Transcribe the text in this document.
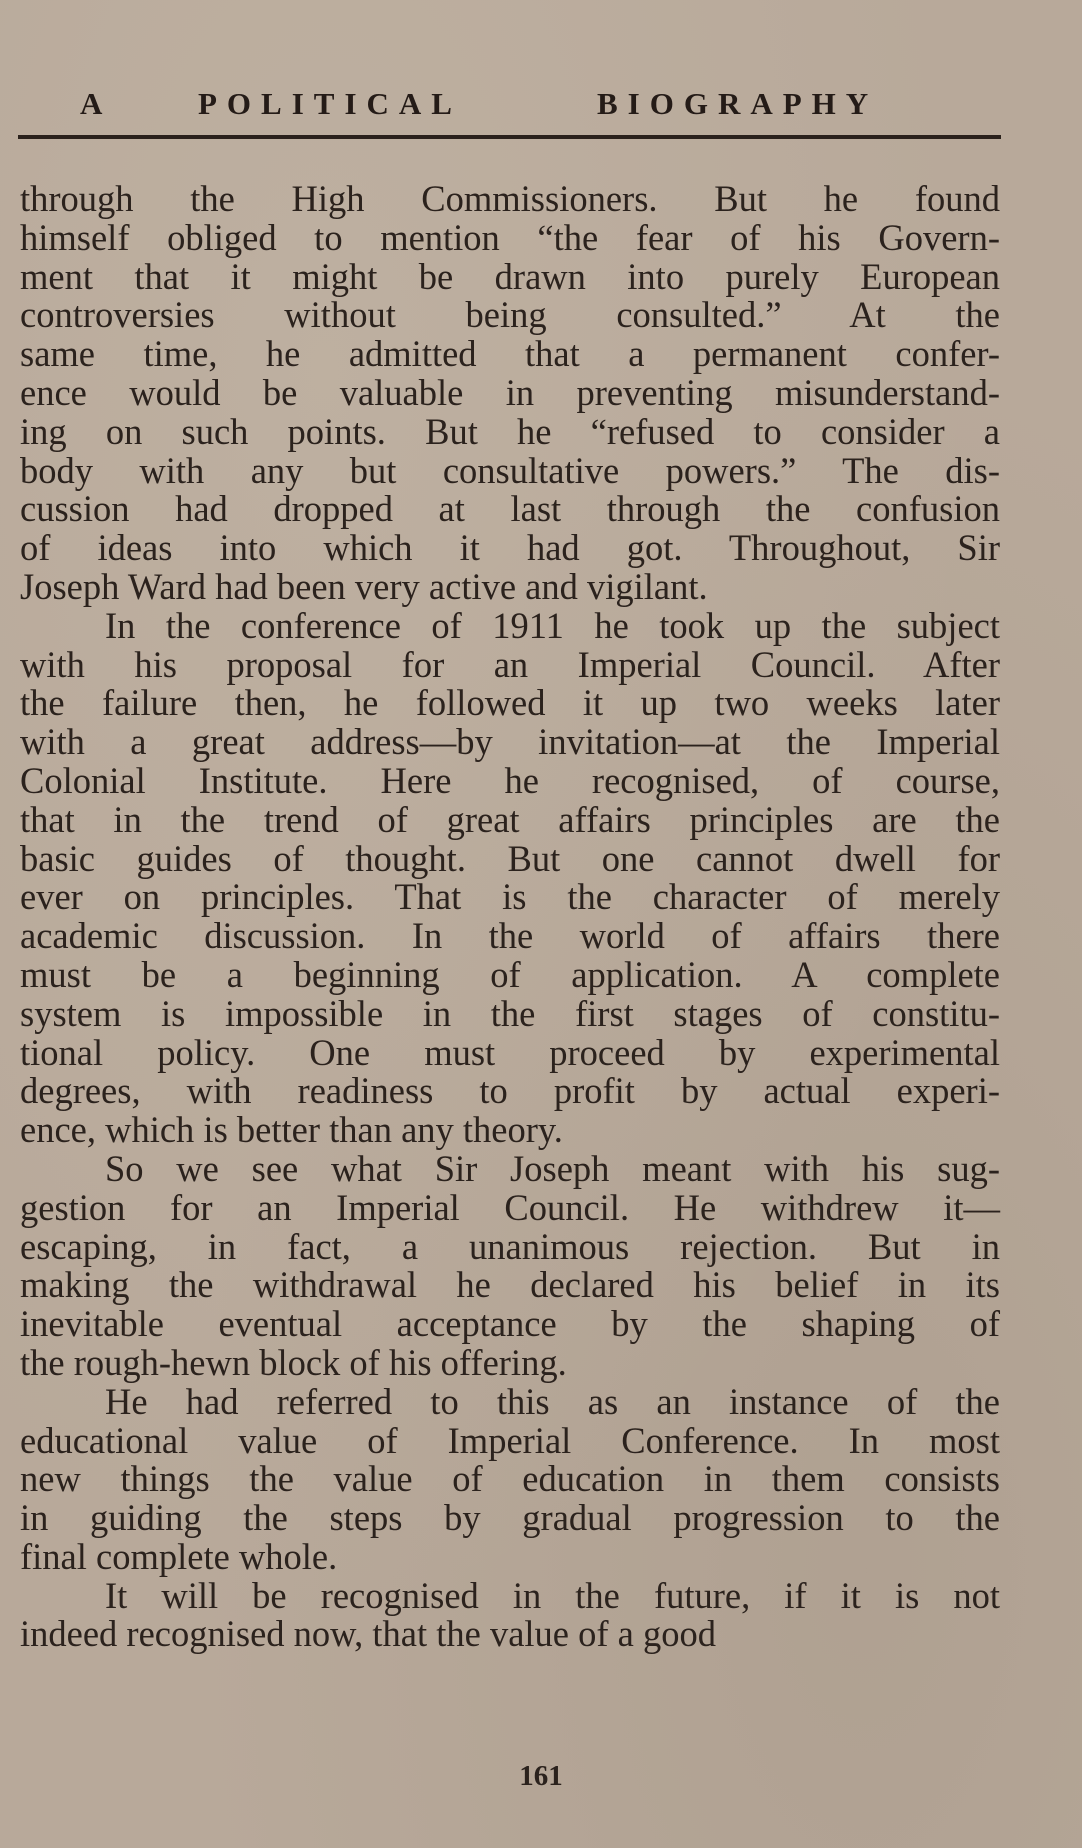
A	POLITICAL	BIOGRAPHY
through the High Commissioners. But he found
himself obliged to mention “the fear of his Govern-
ment that it might be drawn into purely European
controversies without being consulted.” At the
same time, he admitted that a permanent confer-
ence would be valuable in preventing misunderstand-
ing on such points. But he “refused to consider a
body with any but consultative powers.” The dis-
cussion had dropped at last through the confusion
of ideas into which it had got. Throughout, Sir
Joseph Ward had been very active and vigilant.
In the conference of 1911 he took up the subject
with his proposal for an Imperial Council. After
the failure then, he followed it up two weeks later
with a great address—by invitation—at the Imperial
Colonial Institute. Here he recognised, of course,
that in the trend of great affairs principles are the
basic guides of thought. But one cannot dwell for
ever on principles. That is the character of merely
academic discussion. In the world of affairs there
must be a beginning of application. A complete
system is impossible in the first stages of constitu-
tional policy. One must proceed by experimental
degrees, with readiness to profit by actual experi-
ence, which is better than any theory.
So we see what Sir Joseph meant with his sug-
gestion for an Imperial Council. He withdrew it—
escaping, in fact, a unanimous rejection. But in
making the withdrawal he declared his belief in its
inevitable eventual acceptance by the shaping of
the rough-hewn block of his offering.
He had referred to this as an instance of the
educational value of Imperial Conference. In most
new things the value of education in them consists
in guiding the steps by gradual progression to the
final complete whole.
It will be recognised in the future, if it is not
indeed recognised now, that the value of a good
161
